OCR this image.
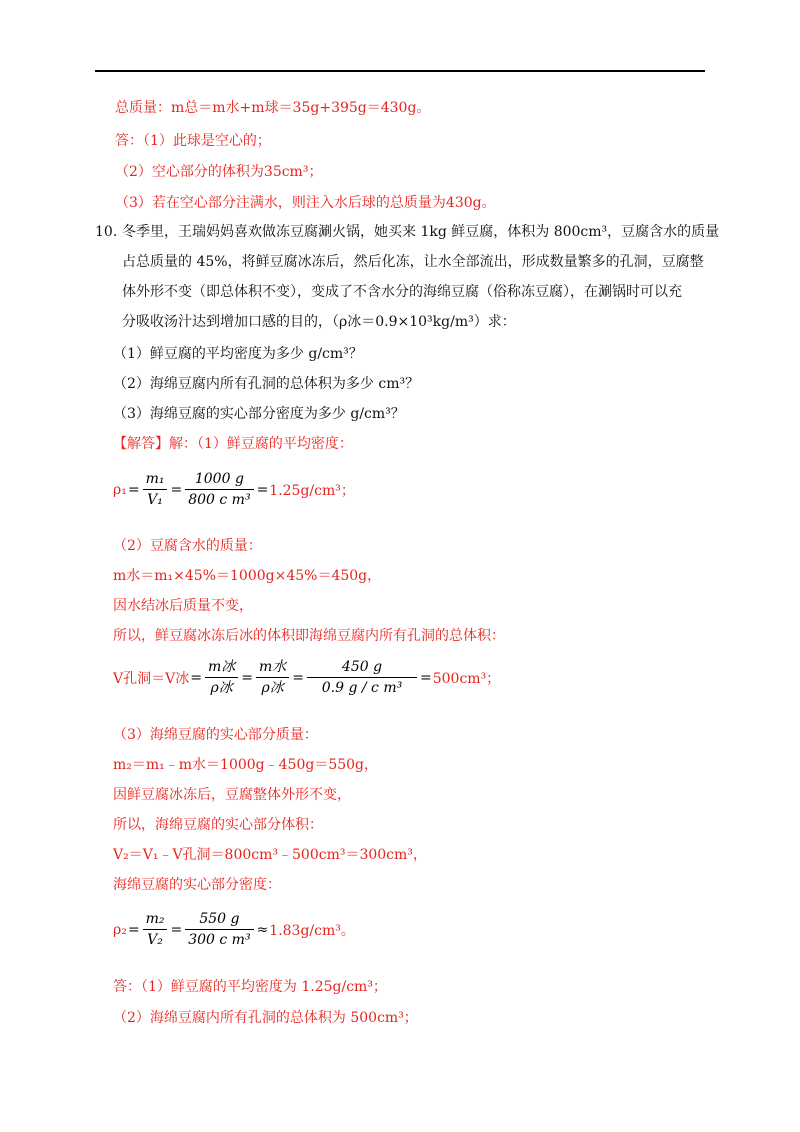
总质量：m总＝m水+m球＝35g+395g＝430g。
答：（1）此球是空心的；
（2）空心部分的体积为35cm³；
（3）若在空心部分注满水，则注入水后球的总质量为430g。
10. 冬季里，王瑞妈妈喜欢做冻豆腐涮火锅，她买来 1kg 鲜豆腐，体积为 800cm³，豆腐含水的质量
占总质量的 45%，将鲜豆腐冰冻后，然后化冻，让水全部流出，形成数量繁多的孔洞，豆腐整
体外形不变（即总体积不变），变成了不含水分的海绵豆腐（俗称冻豆腐），在涮锅时可以充
分吸收汤汁达到增加口感的目的，（ρ冰＝0.9×10³kg/m³）求：
（1）鲜豆腐的平均密度为多少 g/cm³？
（2）海绵豆腐内所有孔洞的总体积为多少 cm³？
（3）海绵豆腐的实心部分密度为多少 g/cm³？
【解答】解：（1）鲜豆腐的平均密度：
$\rho_1 = \frac{\text{m₁}}{\text{V₁}} = \frac{1000 g}{\text{800 c m³}} = 1.25g/cm^3$；
（2）豆腐含水的质量：
m水＝m₁×45%＝1000g×45%＝450g，
因水结冰后质量不变，
所以，鲜豆腐冰冻后冰的体积即海绵豆腐内所有孔洞的总体积：
V孔洞＝V冰 = $\frac{\text{m冰}}{\text{ρ冰}} = \frac{\text{m水}}{\text{ρ冰}} = \frac{450 g}{\text{0.9 g / c m³}} = 500cm^3$；
（3）海绵豆腐的实心部分质量：
m₂＝m₁﹣m水＝1000g﹣450g＝550g，
因鲜豆腐冰冻后，豆腐整体外形不变，
所以，海绵豆腐的实心部分体积：
V₂＝V₁﹣V孔洞＝800cm³﹣500cm³＝300cm³，
海绵豆腐的实心部分密度：
$\rho_2 = \frac{\text{m₂}}{\text{V₂}} = \frac{550 g}{\text{300 c m³}} \approx 1.83g/cm^3$。
答：（1）鲜豆腐的平均密度为 1.25g/cm³；
（2）海绵豆腐内所有孔洞的总体积为 500cm³；
